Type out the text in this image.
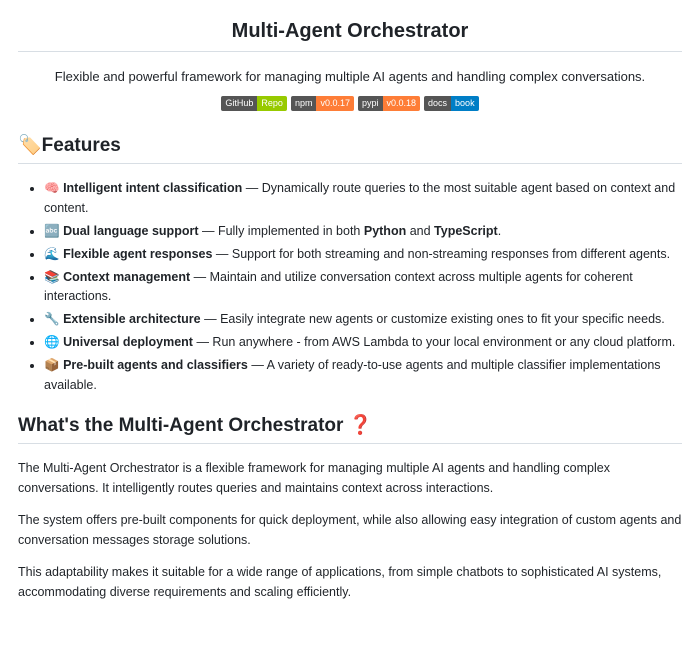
Multi-Agent Orchestrator

Flexible and powerful framework for managing multiple AI agents and handling complex conversations.

GitHub Repo npm v0.0.17 pypi v0.0.18 docs book
🏷️Features
• 🧠 Intelligent intent classification — Dynamically route queries to the most suitable agent based on context and content.
• 🔤 Dual language support — Fully implemented in both Python and TypeScript.
• 🌊 Flexible agent responses — Support for both streaming and non-streaming responses from different agents.
• 📚 Context management — Maintain and utilize conversation context across multiple agents for coherent interactions.
• 🔧 Extensible architecture — Easily integrate new agents or customize existing ones to fit your specific needs.
• 🌐 Universal deployment — Run anywhere - from AWS Lambda to your local environment or any cloud platform.
• 📦 Pre-built agents and classifiers — A variety of ready-to-use agents and multiple classifier implementations available.
What's the Multi-Agent Orchestrator ❓

The Multi-Agent Orchestrator is a flexible framework for managing multiple AI agents and handling complex conversations. It intelligently routes queries and maintains context across interactions.

The system offers pre-built components for quick deployment, while also allowing easy integration of custom agents and conversation messages storage solutions.

This adaptability makes it suitable for a wide range of applications, from simple chatbots to sophisticated AI systems, accommodating diverse requirements and scaling efficiently.
